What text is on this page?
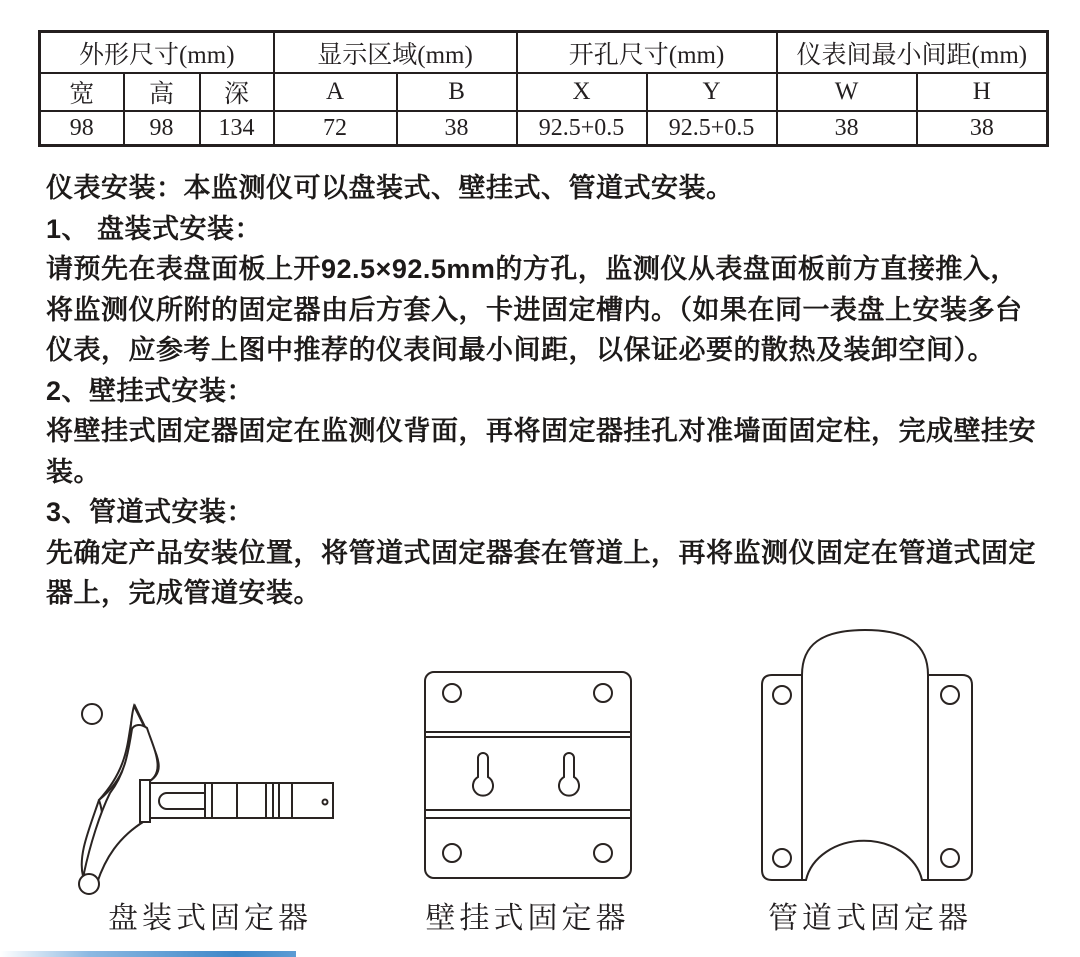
外形尺寸(mm)			显示区域(mm)		开孔尺寸(mm)		仪表间最小间距(mm)	
宽	高	深	A	B	X	Y	W	H
98	98	134	72	38	92.5+0.5	92.5+0.5	38	38
仪表安装：本监测仪可以盘装式、壁挂式、管道式安装。
1、 盘装式安装：
请预先在表盘面板上开92.5×92.5mm的方孔，监测仪从表盘面板前方直接推入，
将监测仪所附的固定器由后方套入，卡进固定槽内。（如果在同一表盘上安装多台
仪表，应参考上图中推荐的仪表间最小间距，以保证必要的散热及装卸空间）。
2、壁挂式安装：
将壁挂式固定器固定在监测仪背面，再将固定器挂孔对准墙面固定柱，完成壁挂安
装。
3、管道式安装：
先确定产品安装位置，将管道式固定器套在管道上，再将监测仪固定在管道式固定
器上，完成管道安装。
盘装式固定器	壁挂式固定器	管道式固定器
